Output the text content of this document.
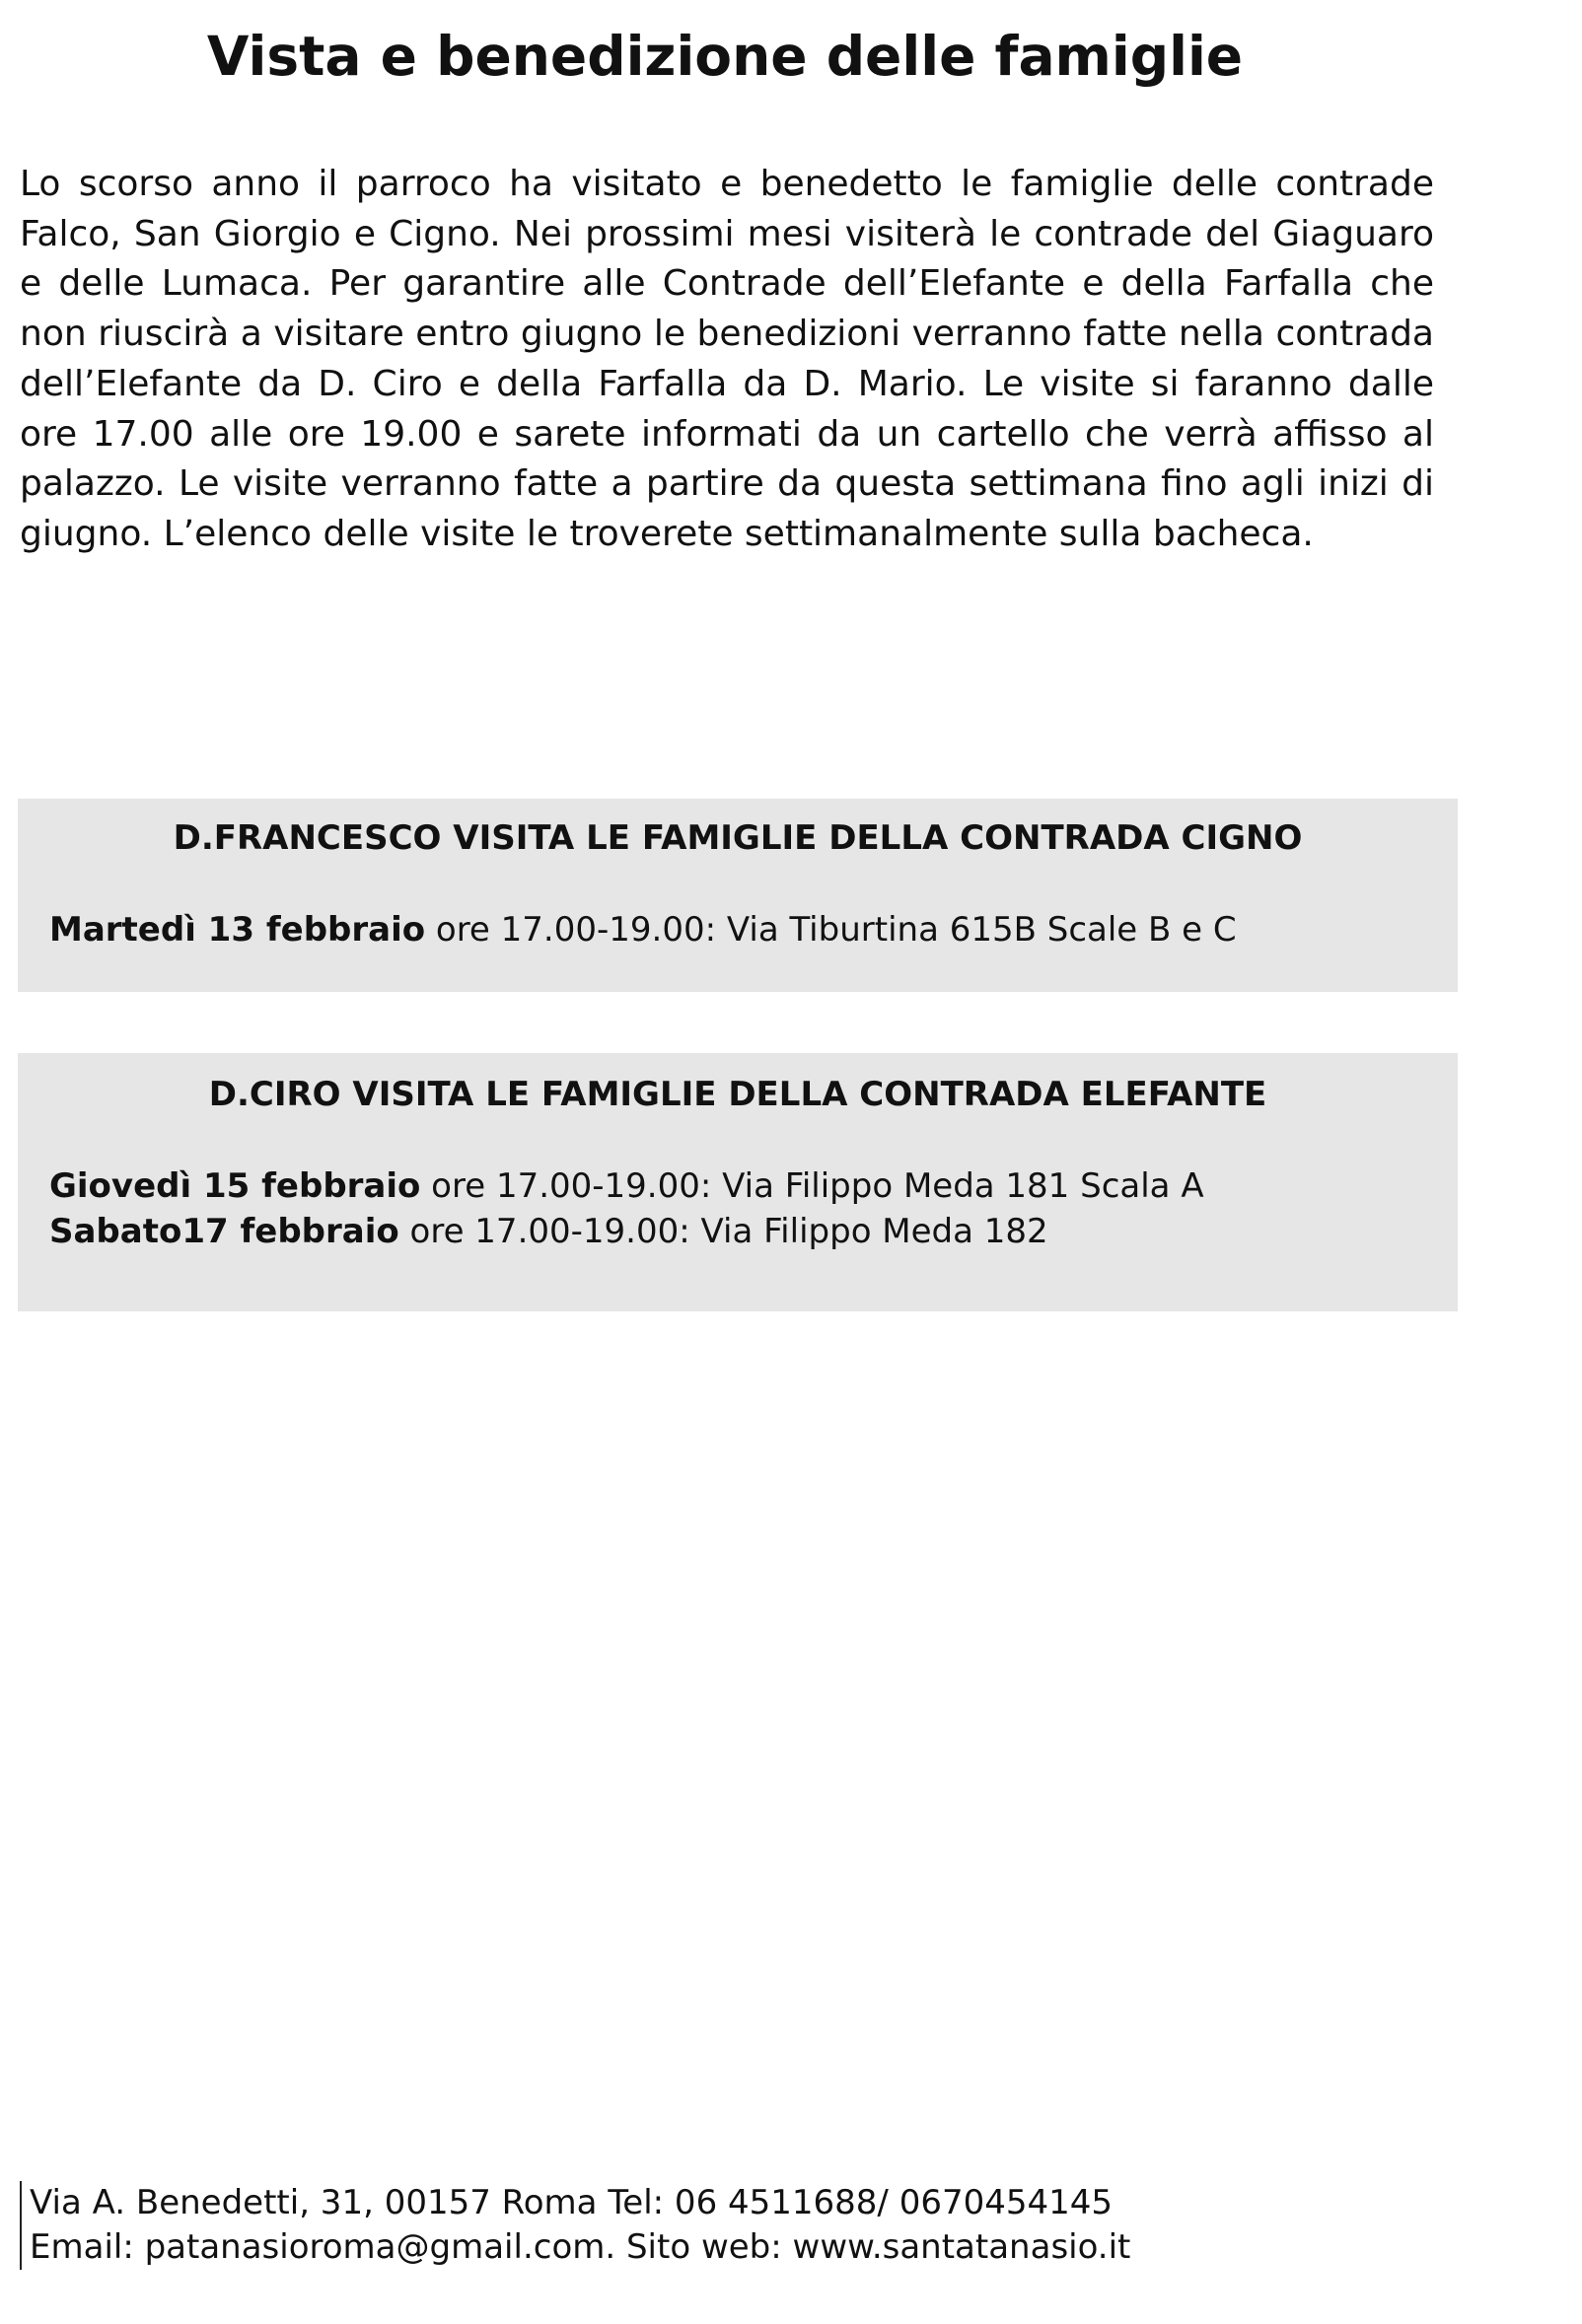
Vista e benedizione delle famiglie

Lo scorso anno il parroco ha visitato e benedetto le famiglie delle contrade Falco, San Giorgio e Cigno. Nei prossimi mesi visiterà le contrade del Giaguaro e delle Lumaca. Per garantire alle Contrade dell’Elefante e della Farfalla che non riuscirà a visitare entro giugno le benedizioni verranno fatte nella contrada dell’Elefante da D. Ciro e della Farfalla da D. Mario. Le visite si faranno dalle ore 17.00 alle ore 19.00 e sarete informati da un cartello che verrà affisso al palazzo. Le visite verranno fatte a partire da questa settimana fino agli inizi di giugno. L’elenco delle visite le troverete settimanalmente sulla bacheca.

D.FRANCESCO VISITA LE FAMIGLIE DELLA CONTRADA CIGNO
Martedì 13 febbraio ore 17.00-19.00: Via Tiburtina 615B Scale B e C
D.CIRO VISITA LE FAMIGLIE DELLA CONTRADA ELEFANTE
Giovedì 15 febbraio ore 17.00-19.00: Via Filippo Meda 181 Scala A
Sabato17 febbraio ore 17.00-19.00: Via Filippo Meda 182

Via A. Benedetti, 31, 00157 Roma Tel: 06 4511688/ 0670454145

Email: patanasioroma@gmail.com. Sito web: www.santatanasio.it
